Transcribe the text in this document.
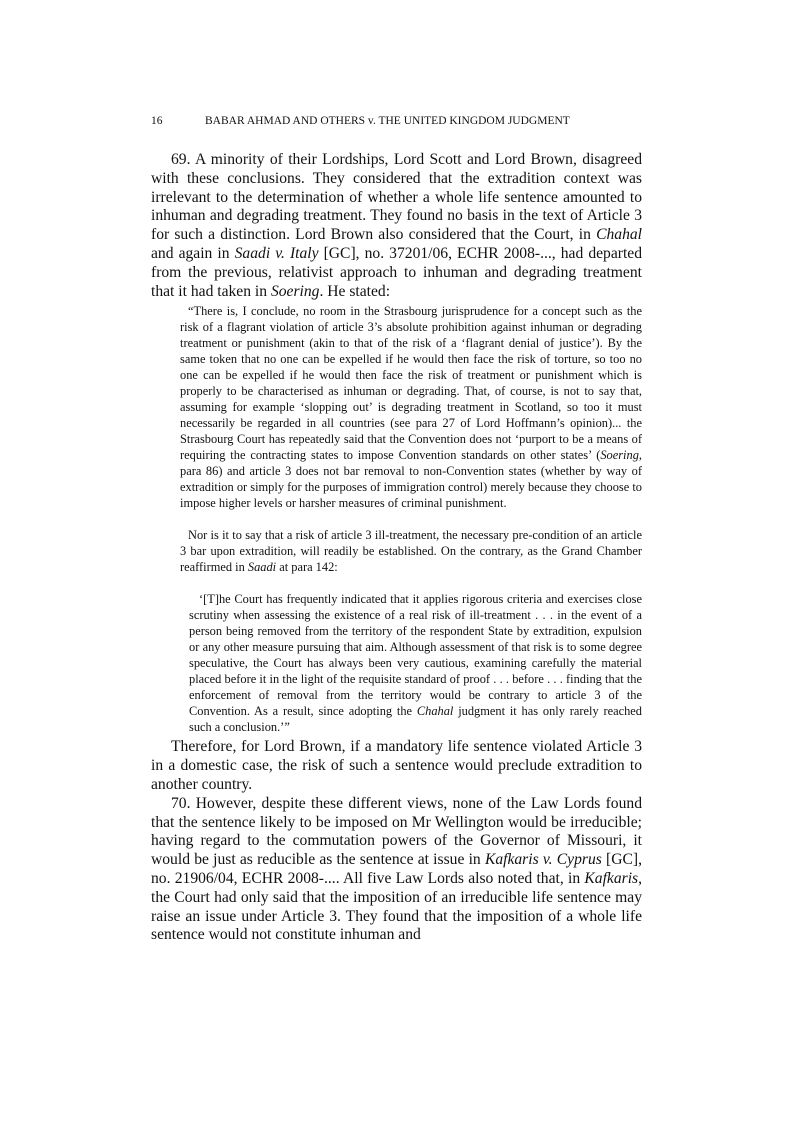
16	BABAR AHMAD AND OTHERS v. THE UNITED KINGDOM JUDGMENT

69. A minority of their Lordships, Lord Scott and Lord Brown, disagreed with these conclusions. They considered that the extradition context was irrelevant to the determination of whether a whole life sentence amounted to inhuman and degrading treatment. They found no basis in the text of Article 3 for such a distinction. Lord Brown also considered that the Court, in Chahal and again in Saadi v. Italy [GC], no. 37201/06, ECHR 2008-..., had departed from the previous, relativist approach to inhuman and degrading treatment that it had taken in Soering. He stated:

“There is, I conclude, no room in the Strasbourg jurisprudence for a concept such as the risk of a flagrant violation of article 3’s absolute prohibition against inhuman or degrading treatment or punishment (akin to that of the risk of a ‘flagrant denial of justice’). By the same token that no one can be expelled if he would then face the risk of torture, so too no one can be expelled if he would then face the risk of treatment or punishment which is properly to be characterised as inhuman or degrading. That, of course, is not to say that, assuming for example ‘slopping out’ is degrading treatment in Scotland, so too it must necessarily be regarded in all countries (see para 27 of Lord Hoffmann’s opinion)... the Strasbourg Court has repeatedly said that the Convention does not ‘purport to be a means of requiring the contracting states to impose Convention standards on other states’ (Soering, para 86) and article 3 does not bar removal to non-Convention states (whether by way of extradition or simply for the purposes of immigration control) merely because they choose to impose higher levels or harsher measures of criminal punishment.

Nor is it to say that a risk of article 3 ill-treatment, the necessary pre-condition of an article 3 bar upon extradition, will readily be established. On the contrary, as the Grand Chamber reaffirmed in Saadi at para 142:

‘[T]he Court has frequently indicated that it applies rigorous criteria and exercises close scrutiny when assessing the existence of a real risk of ill-treatment . . . in the event of a person being removed from the territory of the respondent State by extradition, expulsion or any other measure pursuing that aim. Although assessment of that risk is to some degree speculative, the Court has always been very cautious, examining carefully the material placed before it in the light of the requisite standard of proof . . . before . . . finding that the enforcement of removal from the territory would be contrary to article 3 of the Convention. As a result, since adopting the Chahal judgment it has only rarely reached such a conclusion.’”

Therefore, for Lord Brown, if a mandatory life sentence violated Article 3 in a domestic case, the risk of such a sentence would preclude extradition to another country.

70. However, despite these different views, none of the Law Lords found that the sentence likely to be imposed on Mr Wellington would be irreducible; having regard to the commutation powers of the Governor of Missouri, it would be just as reducible as the sentence at issue in Kafkaris v. Cyprus [GC], no. 21906/04, ECHR 2008-.... All five Law Lords also noted that, in Kafkaris, the Court had only said that the imposition of an irreducible life sentence may raise an issue under Article 3. They found that the imposition of a whole life sentence would not constitute inhuman and
